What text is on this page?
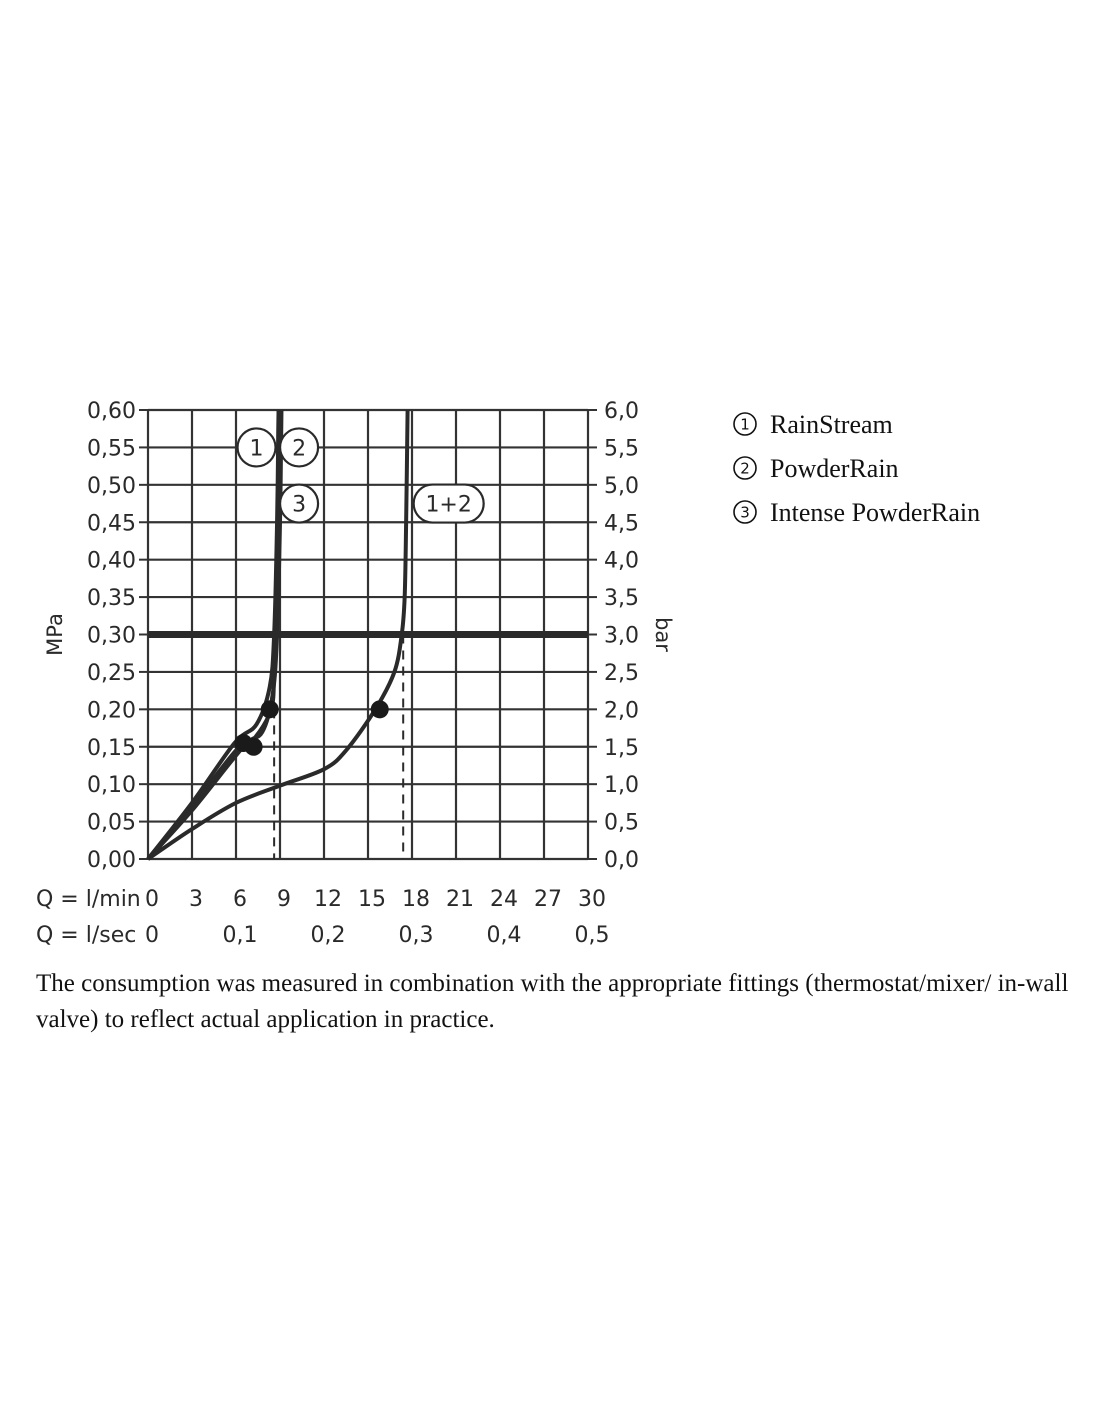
0,00	0,0
0,05	0,5
0,10	1,0
0,15	1,5
0,20	2,0
0,25	2,5
0,30	3,0
0,35	3,5
0,40	4,0
0,45	4,5
0,50	5,0
0,55	5,5
0,60	6,0
0 3 6 9 12 15 18 21 24 27 30
0	0,1 0,2 0,3 0,4 0,5
1 2
3	1+2
MPa	bar
Q = l/min
Q = l/sec
1 RainStream
2 PowderRain
3 Intense PowderRain
The consumption was measured in combination with the appropriate fittings (thermostat/mixer/ in-wall valve) to reflect actual application in practice.
